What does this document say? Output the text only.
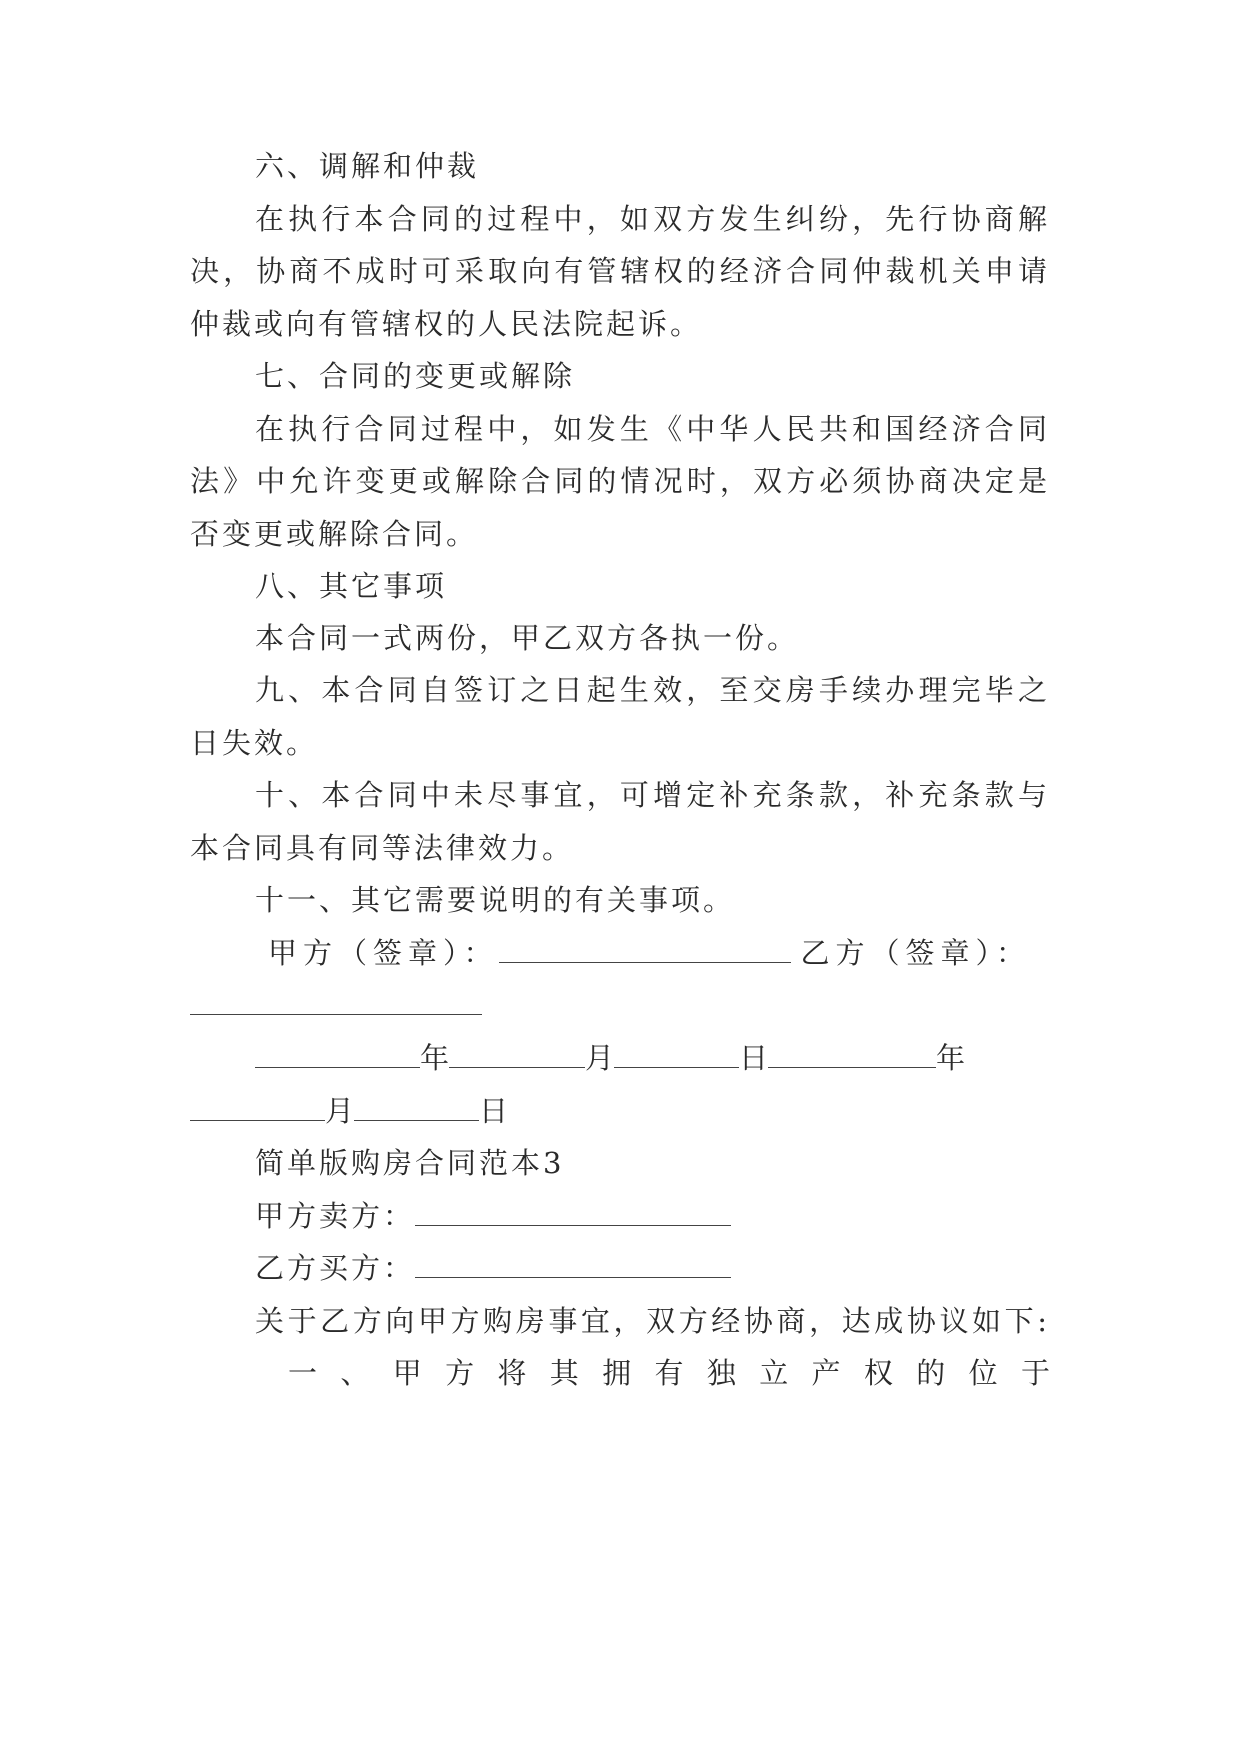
六、调解和仲裁
在执行本合同的过程中，如双方发生纠纷，先行协商解
决，协商不成时可采取向有管辖权的经济合同仲裁机关申请
仲裁或向有管辖权的人民法院起诉。
七、合同的变更或解除
在执行合同过程中，如发生《中华人民共和国经济合同
法》中允许变更或解除合同的情况时，双方必须协商决定是
否变更或解除合同。
八、其它事项
本合同一式两份，甲乙双方各执一份。
九、本合同自签订之日起生效，至交房手续办理完毕之
日失效。
十、本合同中未尽事宜，可增定补充条款，补充条款与
本合同具有同等法律效力。
十一、其它需要说明的有关事项。
甲方（签章）：	乙方（签章）：
年	月	日	年
月	日
简单版购房合同范本3
甲方卖方：
乙方买方：
关于乙方向甲方购房事宜，双方经协商，达成协议如下:
一、甲方将其拥有独立产权的位于
